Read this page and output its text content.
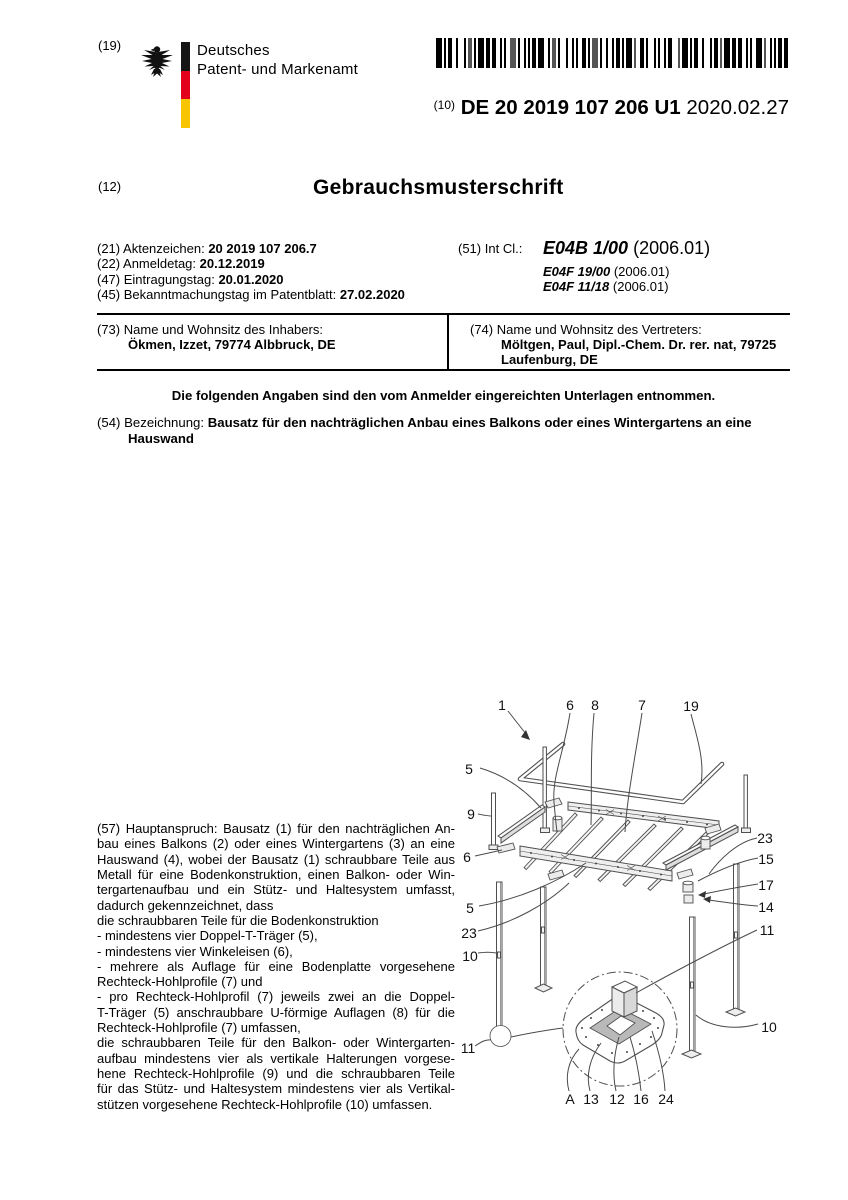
(19)	Deutsches
Patent- und Markenamt
$^{(10)}$ DE 20 2019 107 206 U1 2020.02.27
(12)	Gebrauchsmusterschrift
(21) Aktenzeichen: 20 2019 107 206.7
(22) Anmeldetag: 20.12.2019
(47) Eintragungstag: 20.01.2020
(45) Bekanntmachungstag im Patentblatt: 27.02.2020
(51) Int Cl.: E04B 1/00 (2006.01)
E04F 19/00 (2006.01)
E04F 11/18 (2006.01)
(73) Name und Wohnsitz des Inhabers:
Ökmen, Izzet, 79774 Albbruck, DE
(74) Name und Wohnsitz des Vertreters:
Möltgen, Paul, Dipl.-Chem. Dr. rer. nat, 79725
Laufenburg, DE
Die folgenden Angaben sind den vom Anmelder eingereichten Unterlagen entnommen.
(54) Bezeichnung: Bausatz für den nachträglichen Anbau eines Balkons oder eines Wintergartens an eine
Hauswand
(57) Hauptanspruch: Bausatz (1) für den nachträglichen An-
bau eines Balkons (2) oder eines Wintergartens (3) an eine
Hauswand (4), wobei der Bausatz (1) schraubbare Teile aus
Metall für eine Bodenkonstruktion, einen Balkon- oder Win-
tergartenaufbau und ein Stütz- und Haltesystem umfasst,
dadurch gekennzeichnet, dass
die schraubbaren Teile für die Bodenkonstruktion
- mindestens vier Doppel-T-Träger (5),
- mindestens vier Winkeleisen (6),
- mehrere als Auflage für eine Bodenplatte vorgesehene
Rechteck-Hohlprofile (7) und
- pro Rechteck-Hohlprofil (7) jeweils zwei an die Doppel-
T-Träger (5) anschraubbare U-förmige Auflagen (8) für die
Rechteck-Hohlprofile (7) umfassen,
die schraubbaren Teile für den Balkon- oder Wintergarten-
aufbau mindestens vier als vertikale Halterungen vorgese-
hene Rechteck-Hohlprofile (9) und die schraubbaren Teile
für das Stütz- und Haltesystem mindestens vier als Vertikal-
stützen vorgesehene Rechteck-Hohlprofile (10) umfassen.
1	6 8	7	19
5
9
6
5
23
10
11
23
15
17
14
11
10
A 13 12 16 24
